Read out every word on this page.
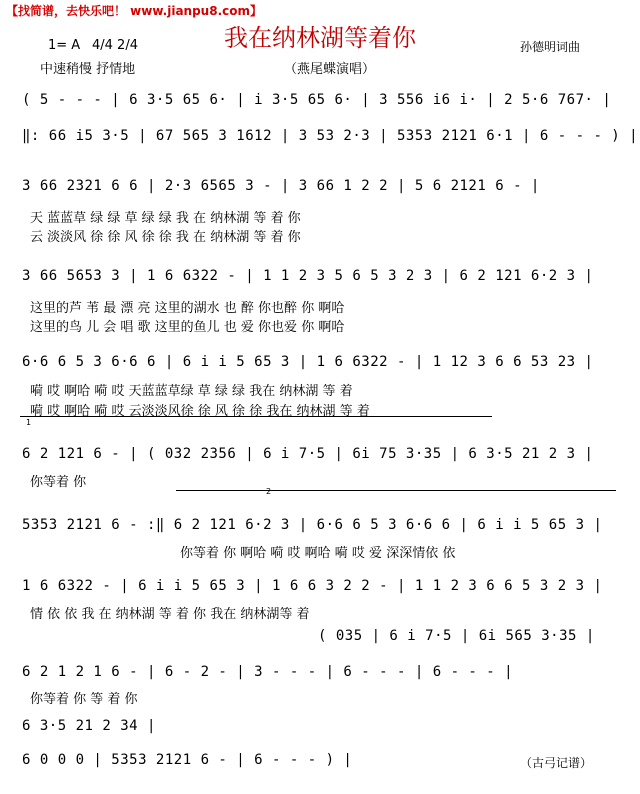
【找简谱，去快乐吧！ www.jianpu8.com】
我在纳林湖等着你	孙德明词曲
1= A 4/4 2/4
中速稍慢 抒情地	（燕尾蝶演唱）
( 5 - - - | 6 3·5 65 6· | i 3·5 65 6· | 3 556 i6 i· | 2 5·6 767· |
‖: 66 i5 3·5 | 67 565 3 1612 | 3 53 2·3 | 5353 2121 6·1 | 6 - - - ) |
3 66 2321 6 6 | 2·3 6565 3 - | 3 66 1 2 2 | 5 6 2121 6 - |
天 蓝蓝草 绿 绿 草 绿 绿 我 在 纳林湖 等 着 你
云 淡淡风 徐 徐 风 徐 徐 我 在 纳林湖 等 着 你
3 66 5653 3 | 1 6 6322 - | 1 1 2 3 5 6 5 3 2 3 | 6 2 121 6·2 3 |
这里的芦 苇 最 漂 亮 这里的湖水 也 醉 你也醉 你 啊哈
这里的鸟 儿 会 唱 歌 这里的鱼儿 也 爱 你也爱 你 啊哈
6·6 6 5 3 6·6 6 | 6 i i 5 65 3 | 1 6 6322 - | 1 12 3 6 6 53 23 |
嗬 哎 啊哈 嗬 哎 天蓝蓝草绿 草 绿 绿 我在 纳林湖 等 着
嗬 哎 啊哈 嗬 哎 云淡淡风徐 徐 风 徐 徐 我在 纳林湖 等 着
1
6 2 121 6 - | ( 032 2356 | 6 i 7·5 | 6i 75 3·35 | 6 3·5 21 2 3 |
你等着 你
2
5353 2121 6 - :‖ 6 2 121 6·2 3 | 6·6 6 5 3 6·6 6 | 6 i i 5 65 3 |
你等着 你 啊哈 嗬 哎 啊哈 嗬 哎 爱 深深情依 依
1 6 6322 - | 6 i i 5 65 3 | 1 6 6 3 2 2 - | 1 1 2 3 6 6 5 3 2 3 |
情 依 依 我 在 纳林湖 等 着 你 我在 纳林湖等 着
( 035 | 6 i 7·5 | 6i 565 3·35 |
6 2 1 2 1 6 - | 6 - 2 - | 3 - - - | 6 - - - | 6 - - - |
你等着 你 等 着 你
6 3·5 21 2 34 |
6 0 0 0 | 5353 2121 6 - | 6 - - - ) |	（古弓记谱）
